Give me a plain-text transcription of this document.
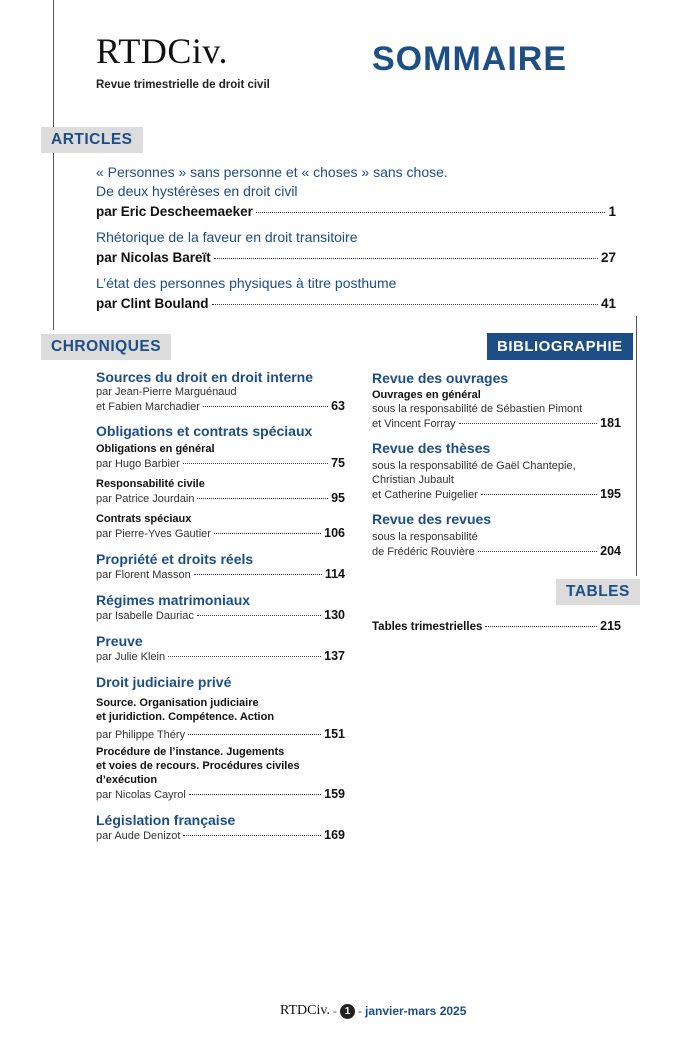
RTDCiv.
Revue trimestrielle de droit civil
SOMMAIRE
ARTICLES
« Personnes » sans personne et « choses » sans chose.
De deux hystérèses en droit civil
par Eric Descheemaeker	1
Rhétorique de la faveur en droit transitoire
par Nicolas Bareït	27
L’état des personnes physiques à titre posthume
par Clint Bouland	41
CHRONIQUES
Sources du droit en droit interne
par Jean-Pierre Marguénaud
et Fabien Marchadier	63
Obligations et contrats spéciaux
Obligations en général
par Hugo Barbier	75
Responsabilité civile
par Patrice Jourdain	95
Contrats spéciaux
par Pierre-Yves Gautier	106
Propriété et droits réels
par Florent Masson	114
Régimes matrimoniaux
par Isabelle Dauriac	130
Preuve
par Julie Klein	137
Droit judiciaire privé
Source. Organisation judiciaire
et juridiction. Compétence. Action
par Philippe Théry	151
Procédure de l’instance. Jugements
et voies de recours. Procédures civiles
d’exécution
par Nicolas Cayrol	159
Législation française
par Aude Denizot	169
BIBLIOGRAPHIE
Revue des ouvrages
Ouvrages en général
sous la responsabilité de Sébastien Pimont
et Vincent Forray	181
Revue des thèses
sous la responsabilité de Gaël Chantepie,
Christian Jubault
et Catherine Puigelier	195
Revue des revues
sous la responsabilité
de Frédéric Rouvière	204
TABLES
Tables trimestrielles	215
RTDCiv. - 1 - janvier-mars 2025
